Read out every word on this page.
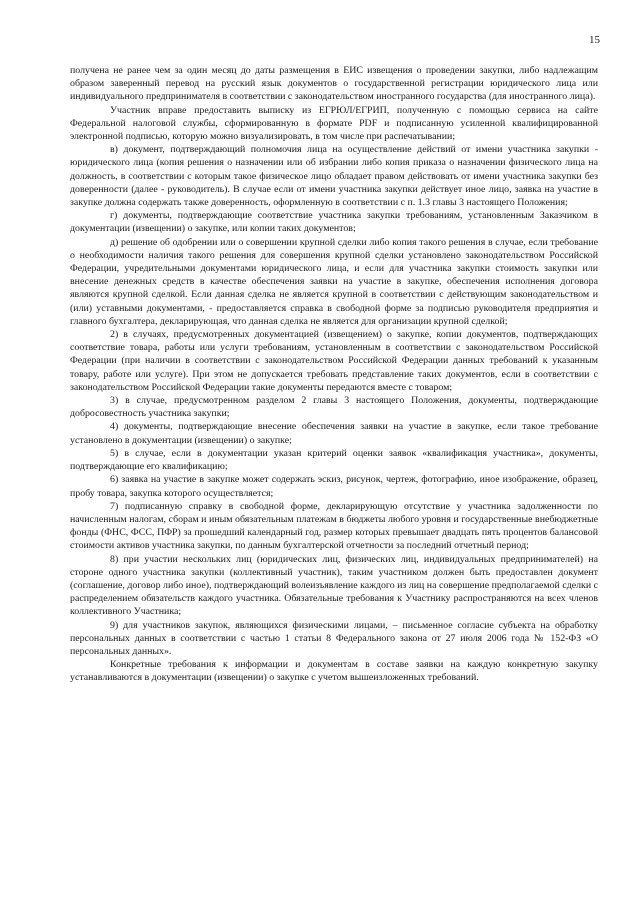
15

получена не ранее чем за один месяц до даты размещения в ЕИС извещения о проведении закупки, либо надлежащим образом заверенный перевод на русский язык документов о государственной регистрации юридического лица или индивидуального предпринимателя в соответствии с законодательством иностранного государства (для иностранного лица).

Участник вправе предоставить выписку из ЕГРЮЛ/ЕГРИП, полученную с помощью сервиса на сайте Федеральной налоговой службы, сформированную в формате PDF и подписанную усиленной квалифицированной электронной подписью, которую можно визуализировать, в том числе при распечатывании;

в) документ, подтверждающий полномочия лица на осуществление действий от имени участника закупки - юридического лица (копия решения о назначении или об избрании либо копия приказа о назначении физического лица на должность, в соответствии с которым такое физическое лицо обладает правом действовать от имени участника закупки без доверенности (далее - руководитель). В случае если от имени участника закупки действует иное лицо, заявка на участие в закупке должна содержать также доверенность, оформленную в соответствии с п. 1.3 главы 3 настоящего Положения;

г) документы, подтверждающие соответствие участника закупки требованиям, установленным Заказчиком в документации (извещении) о закупке, или копии таких документов;

д) решение об одобрении или о совершении крупной сделки либо копия такого решения в случае, если требование о необходимости наличия такого решения для совершения крупной сделки установлено законодательством Российской Федерации, учредительными документами юридического лица, и если для участника закупки стоимость закупки или внесение денежных средств в качестве обеспечения заявки на участие в закупке, обеспечения исполнения договора являются крупной сделкой. Если данная сделка не является крупной в соответствии с действующим законодательством и (или) уставными документами, - предоставляется справка в свободной форме за подписью руководителя предприятия и главного бухгалтера, декларирующая, что данная сделка не является для организации крупной сделкой;

2) в случаях, предусмотренных документацией (извещением) о закупке, копии документов, подтверждающих соответствие товара, работы или услуги требованиям, установленным в соответствии с законодательством Российской Федерации (при наличии в соответствии с законодательством Российской Федерации данных требований к указанным товару, работе или услуге). При этом не допускается требовать представление таких документов, если в соответствии с законодательством Российской Федерации такие документы передаются вместе с товаром;

3) в случае, предусмотренном разделом 2 главы 3 настоящего Положения, документы, подтверждающие добросовестность участника закупки;

4) документы, подтверждающие внесение обеспечения заявки на участие в закупке, если такое требование установлено в документации (извещении) о закупке;

5) в случае, если в документации указан критерий оценки заявок «квалификация участника», документы, подтверждающие его квалификацию;

6) заявка на участие в закупке может содержать эскиз, рисунок, чертеж, фотографию, иное изображение, образец, пробу товара, закупка которого осуществляется;

7) подписанную справку в свободной форме, декларирующую отсутствие у участника задолженности по начисленным налогам, сборам и иным обязательным платежам в бюджеты любого уровня и государственные внебюджетные фонды (ФНС, ФСС, ПФР) за прошедший календарный год, размер которых превышает двадцать пять процентов балансовой стоимости активов участника закупки, по данным бухгалтерской отчетности за последний отчетный период;

8) при участии нескольких лиц (юридических лиц, физических лиц, индивидуальных предпринимателей) на стороне одного участника закупки (коллективный участник), таким участником должен быть предоставлен документ (соглашение, договор либо иное), подтверждающий волеизъявление каждого из лиц на совершение предполагаемой сделки с распределением обязательств каждого участника. Обязательные требования к Участнику распространяются на всех членов коллективного Участника;

9) для участников закупок, являющихся физическими лицами, – письменное согласие субъекта на обработку персональных данных в соответствии с частью 1 статьи 8 Федерального закона от 27 июля 2006 года № 152-ФЗ «О персональных данных».

Конкретные требования к информации и документам в составе заявки на каждую конкретную закупку устанавливаются в документации (извещении) о закупке с учетом вышеизложенных требований.
